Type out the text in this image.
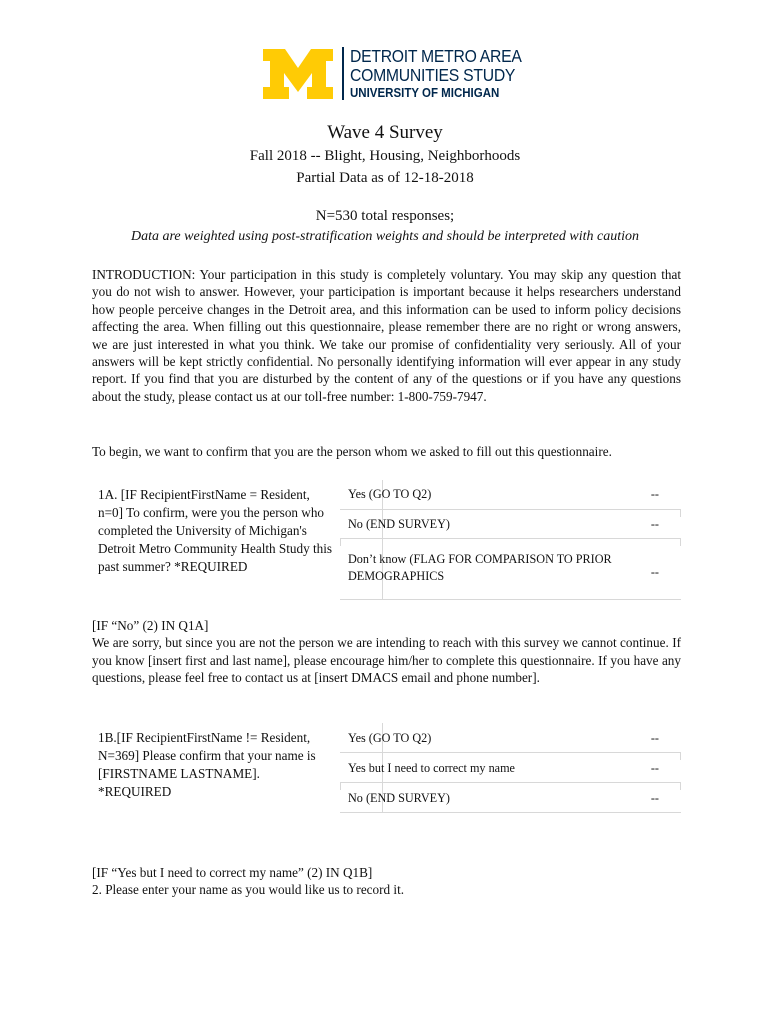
DETROIT METRO AREA
COMMUNITIES STUDY
UNIVERSITY OF MICHIGAN
Wave 4 Survey
Fall 2018 -- Blight, Housing, Neighborhoods
Partial Data as of 12-18-2018
N=530 total responses;
Data are weighted using post-stratification weights and should be interpreted with caution
INTRODUCTION: Your participation in this study is completely voluntary. You may skip any question that you do not wish to answer. However, your participation is important because it helps researchers understand how people perceive changes in the Detroit area, and this information can be used to inform policy decisions affecting the area. When filling out this questionnaire, please remember there are no right or wrong answers, we are just interested in what you think. We take our promise of confidentiality very seriously. All of your answers will be kept strictly confidential. No personally identifying information will ever appear in any study report. If you find that you are disturbed by the content of any of the questions or if you have any questions about the study, please contact us at our toll-free number: 1-800-759-7947.
To begin, we want to confirm that you are the person whom we asked to fill out this questionnaire.
1A. [IF RecipientFirstName = Resident, n=0] To confirm, were you the person who completed the University of Michigan's Detroit Metro Community Health Study this past summer? *REQUIRED
Yes (GO TO Q2)	--
No (END SURVEY)	--
Don’t know (FLAG FOR COMPARISON TO PRIOR DEMOGRAPHICS	--
[IF “No” (2) IN Q1A]
We are sorry, but since you are not the person we are intending to reach with this survey we cannot continue. If you know [insert first and last name], please encourage him/her to complete this questionnaire. If you have any questions, please feel free to contact us at [insert DMACS email and phone number].
1B.[IF RecipientFirstName != Resident, N=369] Please confirm that your name is [FIRSTNAME LASTNAME]. *REQUIRED
Yes (GO TO Q2)	--
Yes but I need to correct my name	--
No (END SURVEY)	--
[IF “Yes but I need to correct my name” (2) IN Q1B]
2. Please enter your name as you would like us to record it.
